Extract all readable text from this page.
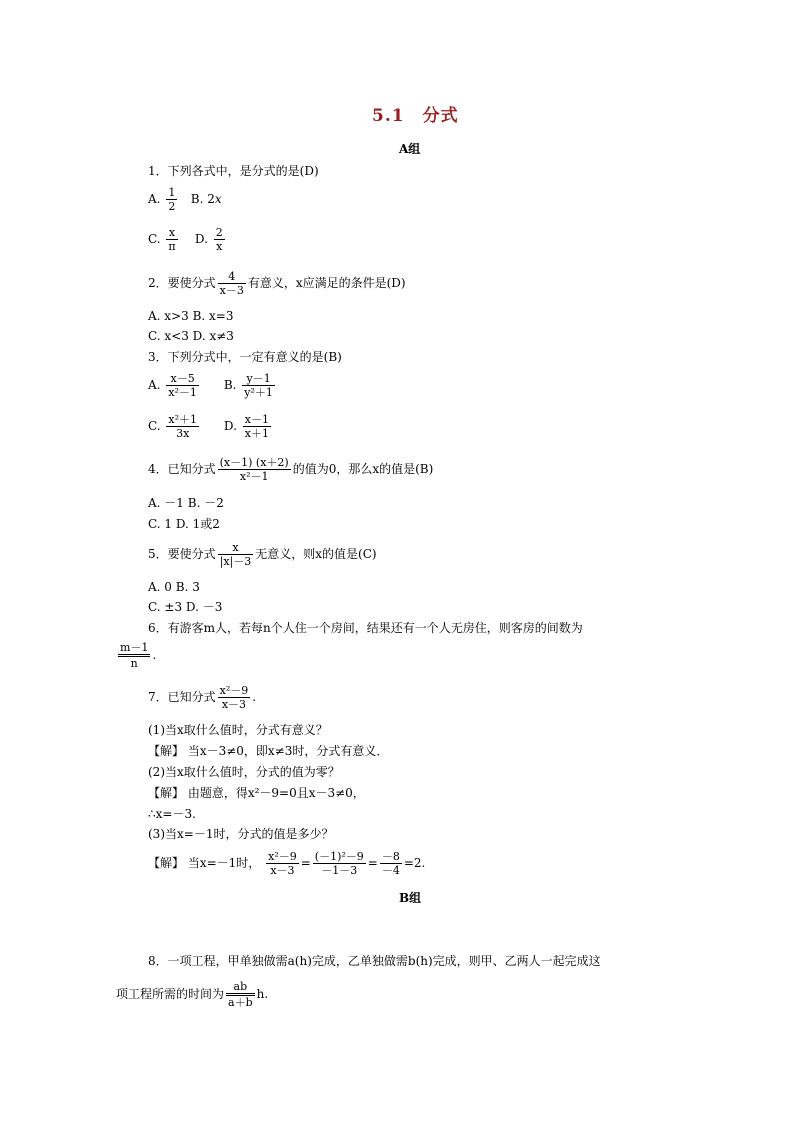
5.1　分式
A组
1．下列各式中，是分式的是(D)
A. $\frac{1}{2} B$. 2x
C. $\frac{x}{\pi} D$. $\frac{2}{x}$
2．要使分式 $\frac{4}{x-3}$ 有意义，x应满足的条件是(D)
A. x>3 B. x=3
C. x<3 D. x≠3
3．下列分式中，一定有意义的是(B)
A. $\frac{x-5}{\text{x²－1}} B$. $\frac{y-1}{\text{y²＋1}}$
C. $\frac{\text{x²＋1}}{3x} D$. $\frac{x-1}{x+1}$
4．已知分式 $\frac{(x-1) (x+2)}{\text{x²－1}}$ 的值为0，那么x的值是(B)
A. －1 B. －2
C. 1 D. 1或2
5．要使分式 $\frac{x}{|x|-3}$ 无意义，则x的值是(C)
A. 0 B. 3
C. ±3 D. －3
6．有游客m人，若每n个人住一个房间，结果还有一个人无房住，则客房的间数为
$\frac{m-1}{n}$ .
7．已知分式 $\frac{\text{x²－9}}{x-3}$ .
(1)当x取什么值时，分式有意义？
【解】 当x－3≠0，即x≠3时，分式有意义．
(2)当x取什么值时，分式的值为零？
【解】 由题意，得x²－9=0且x－3≠0，
∴x=－3.
(3)当x=－1时，分式的值是多少？
【解】 当x=－1时， $\frac{\text{x²－9}}{x-3} = \frac{\text{(－1)²－9}}{-1-3} = \frac{-8}{-4} =2$.
B组
8．一项工程，甲单独做需a(h)完成，乙单独做需b(h)完成，则甲、乙两人一起完成这
项工程所需的时间为 $\frac{ab}{a+b} h$.
